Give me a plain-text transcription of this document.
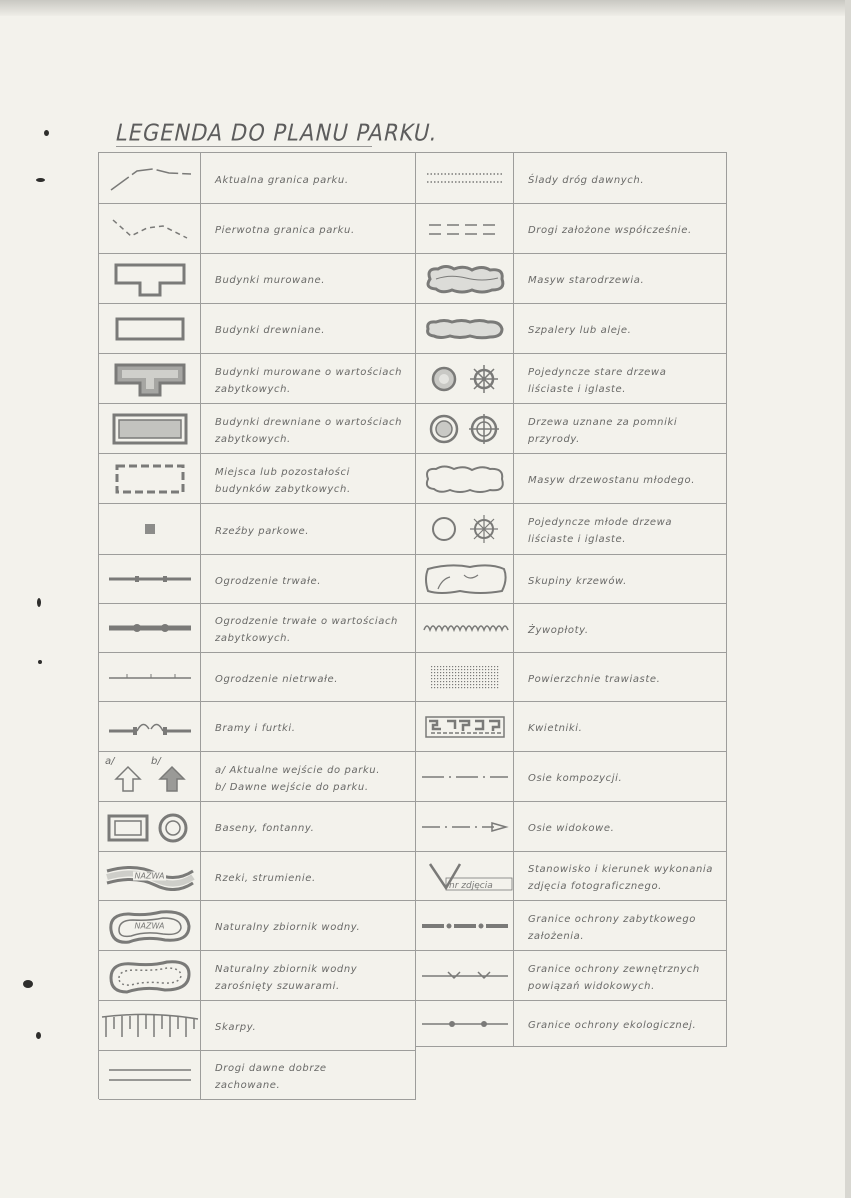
LEGENDA DO PLANU PARKU.
Aktualna granica parku.
Pierwotna granica parku.
Budynki murowane.
Budynki drewniane.
Budynki murowane o wartościach
zabytkowych.
Budynki drewniane o wartościach
zabytkowych.
Miejsca lub pozostałości
budynków zabytkowych.
Rzeźby parkowe.
Ogrodzenie trwałe.
Ogrodzenie trwałe o wartościach
zabytkowych.
Ogrodzenie nietrwałe.
Bramy i furtki.
a/	b/
a/ Aktualne wejście do parku.
b/ Dawne wejście do parku.
Baseny, fontanny.
NAZWA	Rzeki, strumienie.
NAZWA	Naturalny zbiornik wodny.
Naturalny zbiornik wodny
zarośnięty szuwarami.
Skarpy.
Drogi dawne dobrze
zachowane.
Ślady dróg dawnych.
Drogi założone współcześnie.
Masyw starodrzewia.
Szpalery lub aleje.
Pojedyncze stare drzewa
liściaste i iglaste.
Drzewa uznane za pomniki
przyrody.
Masyw drzewostanu młodego.
Pojedyncze młode drzewa
liściaste i iglaste.
Skupiny krzewów.
Żywopłoty.
Powierzchnie trawiaste.
Kwietniki.
Osie kompozycji.
Osie widokowe.
nr zdjęcia
Stanowisko i kierunek wykonania
zdjęcia fotograficznego.
Granice ochrony zabytkowego
założenia.
Granice ochrony zewnętrznych
powiązań widokowych.
Granice ochrony ekologicznej.
